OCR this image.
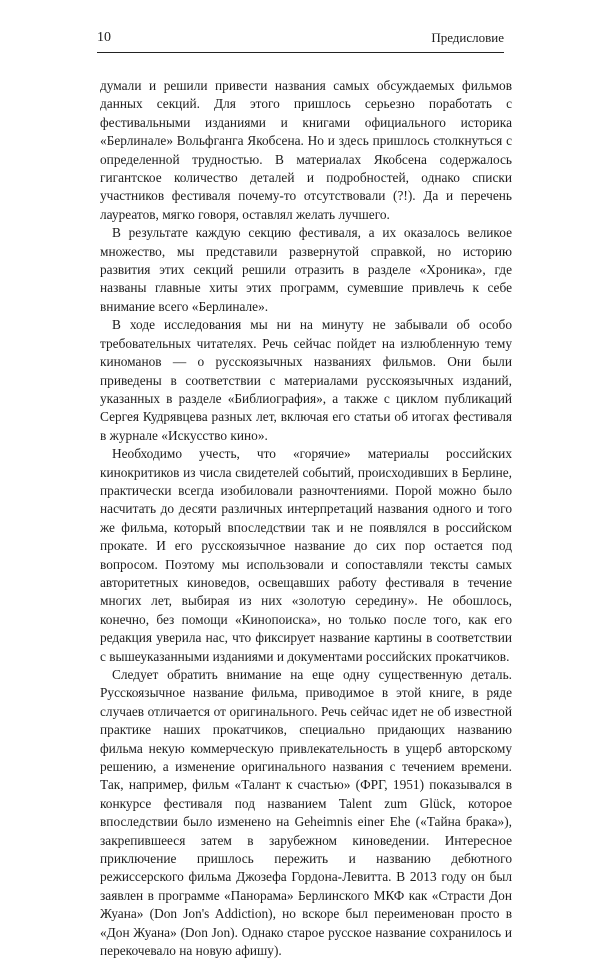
10	Предисловие

думали и решили привести названия самых обсуждаемых фильмов данных секций. Для этого пришлось серьезно поработать с фестивальными изданиями и книгами официального историка «Берлинале» Вольфганга Якобсена. Но и здесь пришлось столкнуться с определенной трудностью. В материалах Якобсена содержалось гигантское количество деталей и подробностей, однако списки участников фестиваля почему-то отсутствовали (?!). Да и перечень лауреатов, мягко говоря, оставлял желать лучшего.

В результате каждую секцию фестиваля, а их оказалось великое множество, мы представили развернутой справкой, но историю развития этих секций решили отразить в разделе «Хроника», где названы главные хиты этих программ, сумевшие привлечь к себе внимание всего «Берлинале».

В ходе исследования мы ни на минуту не забывали об особо требовательных читателях. Речь сейчас пойдет на излюбленную тему киноманов — о русскоязычных названиях фильмов. Они были приведены в соответствии с материалами русскоязычных изданий, указанных в разделе «Библиография», а также с циклом публикаций Сергея Кудрявцева разных лет, включая его статьи об итогах фестиваля в журнале «Искусство кино».

Необходимо учесть, что «горячие» материалы российских кинокритиков из числа свидетелей событий, происходивших в Берлине, практически всегда изобиловали разночтениями. Порой можно было насчитать до десяти различных интерпретаций названия одного и того же фильма, который впоследствии так и не появлялся в российском прокате. И его русскоязычное название до сих пор остается под вопросом. Поэтому мы использовали и сопоставляли тексты самых авторитетных киноведов, освещавших работу фестиваля в течение многих лет, выбирая из них «золотую середину». Не обошлось, конечно, без помощи «Кинопоиска», но только после того, как его редакция уверила нас, что фиксирует название картины в соответствии с вышеуказанными изданиями и документами российских прокатчиков.

Следует обратить внимание на еще одну существенную деталь. Русскоязычное название фильма, приводимое в этой книге, в ряде случаев отличается от оригинального. Речь сейчас идет не об известной практике наших прокатчиков, специально придающих названию фильма некую коммерческую привлекательность в ущерб авторскому решению, а изменение оригинального названия с течением времени. Так, например, фильм «Талант к счастью» (ФРГ, 1951) показывался в конкурсе фестиваля под названием Talent zum Glück, которое впоследствии было изменено на Geheimnis einer Ehe («Тайна брака»), закрепившееся затем в зарубежном киноведении. Интересное приключение пришлось пережить и названию дебютного режиссерского фильма Джозефа Гордона-Левитта. В 2013 году он был заявлен в программе «Панорама» Берлинского МКФ как «Страсти Дон Жуана» (Don Jon's Addiction), но вскоре был переименован просто в «Дон Жуана» (Don Jon). Однако старое русское название сохранилось и перекочевало на новую афишу).
